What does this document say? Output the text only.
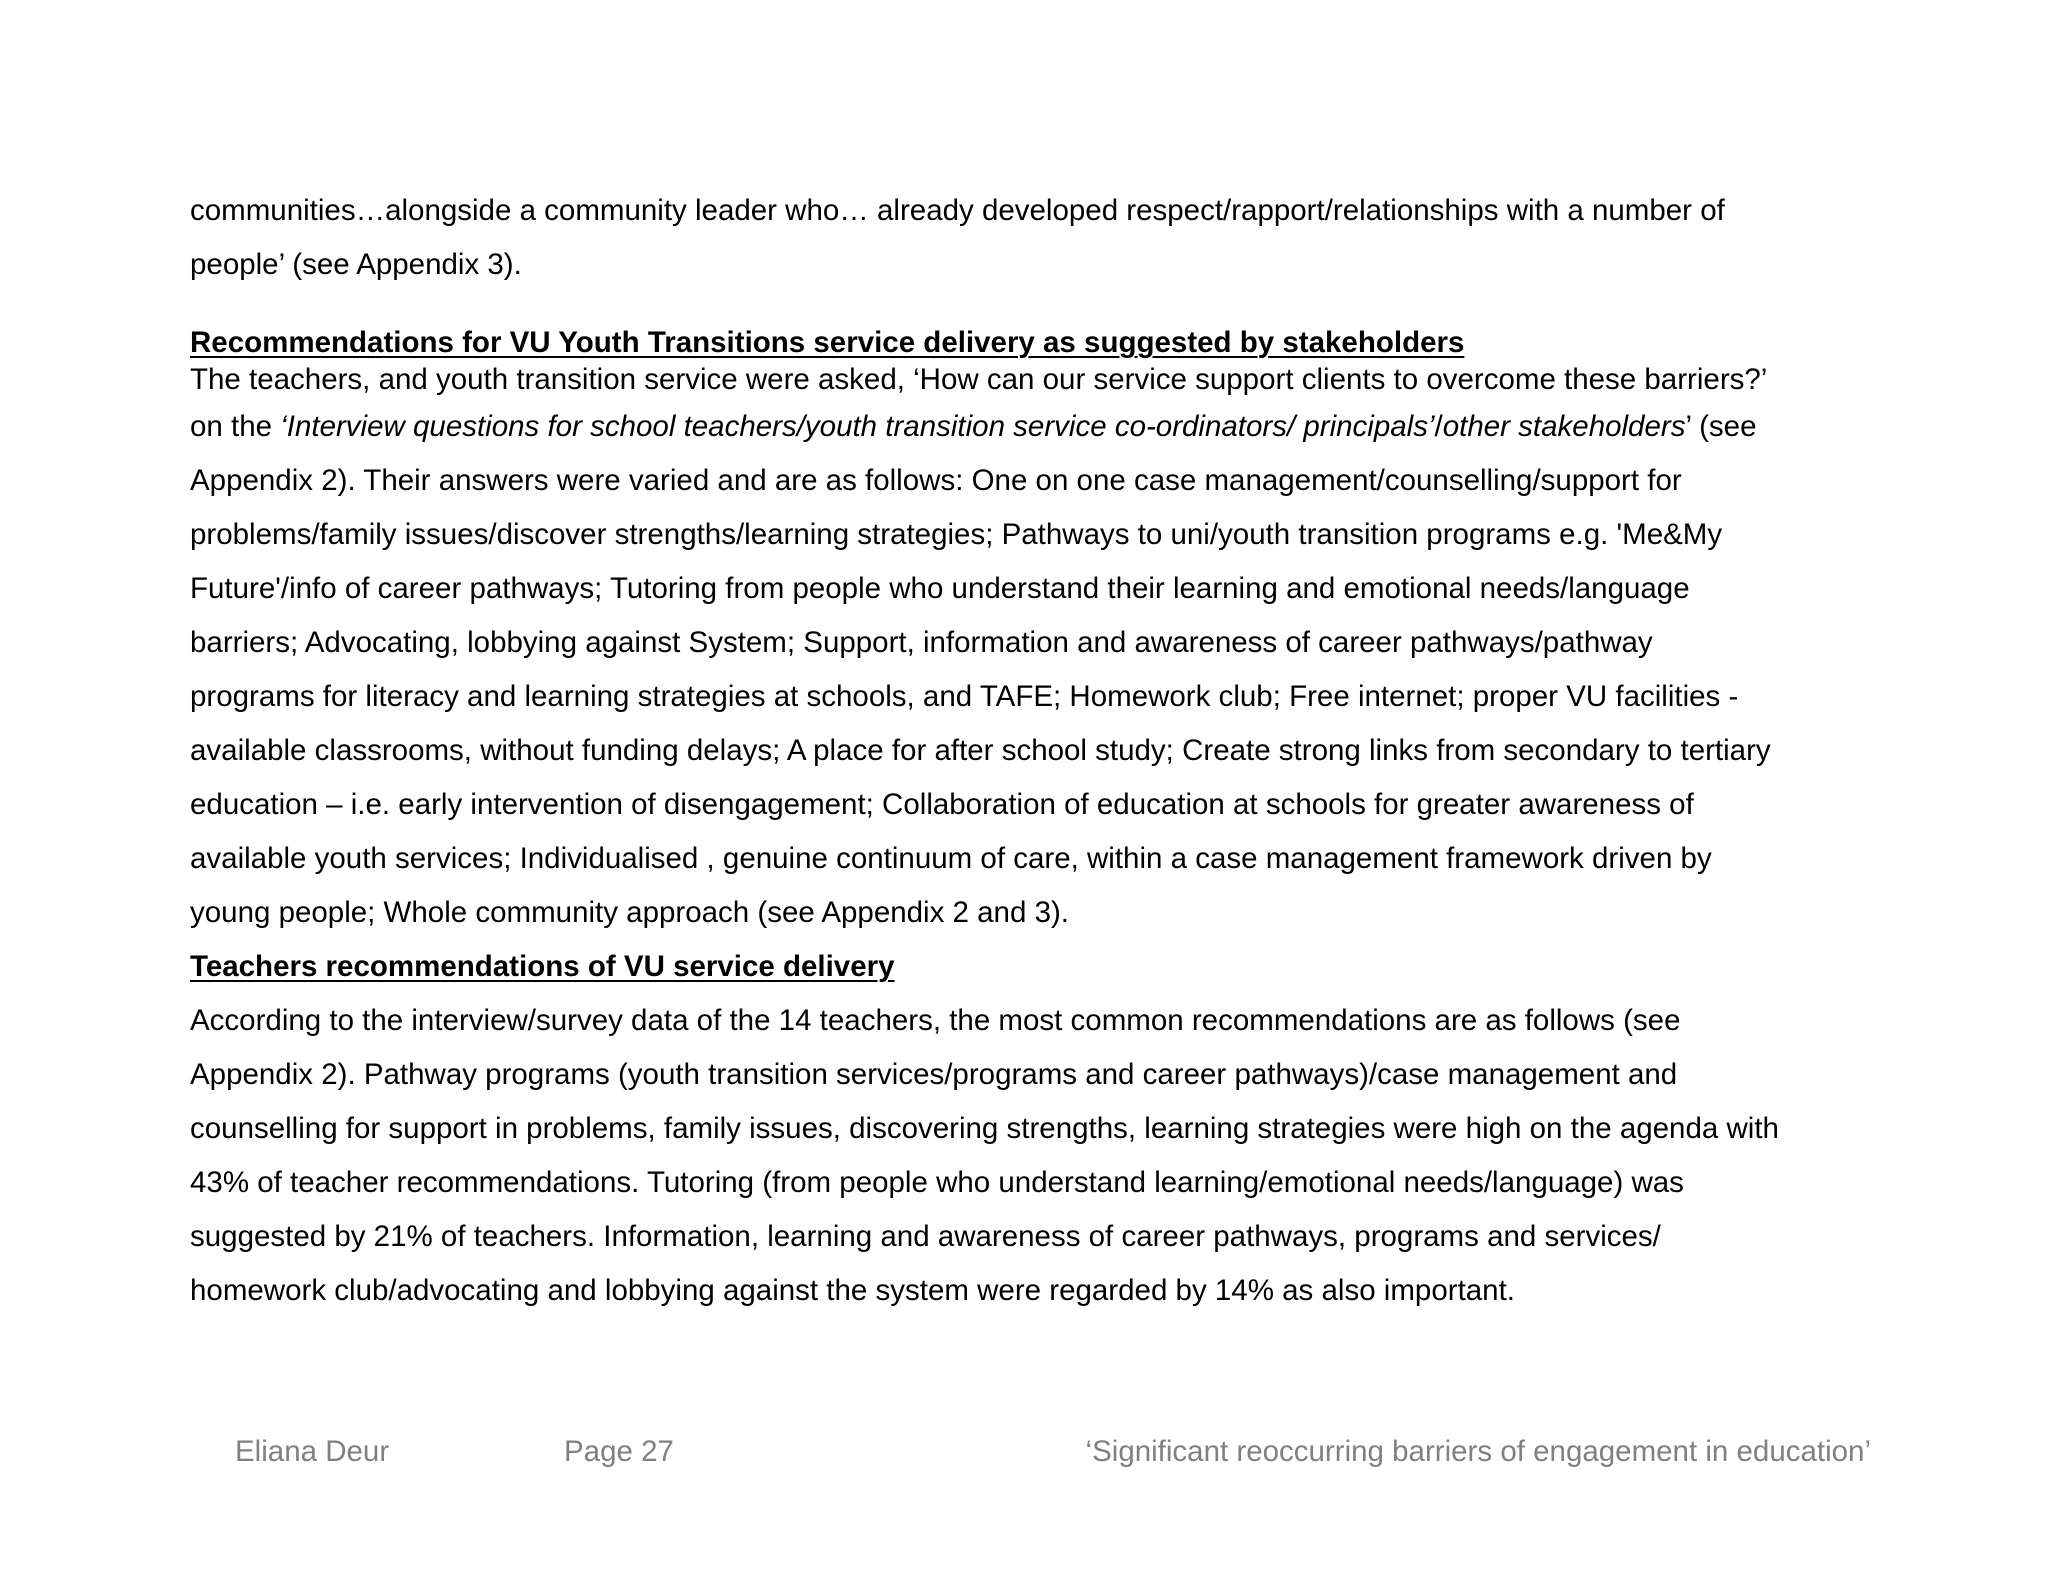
communities…alongside a community leader who… already developed respect/rapport/relationships with a number of
people’ (see Appendix 3).
Recommendations for VU Youth Transitions service delivery as suggested by stakeholders
The teachers, and youth transition service were asked, ‘How can our service support clients to overcome these barriers?’
on the ‘Interview questions for school teachers/youth transition service co-ordinators/ principals’/other stakeholders’ (see
Appendix 2). Their answers were varied and are as follows: One on one case management/counselling/support for
problems/family issues/discover strengths/learning strategies; Pathways to uni/youth transition programs e.g. 'Me&My
Future'/info of career pathways; Tutoring from people who understand their learning and emotional needs/language
barriers; Advocating, lobbying against System; Support, information and awareness of career pathways/pathway
programs for literacy and learning strategies at schools, and TAFE; Homework club; Free internet; proper VU facilities -
available classrooms, without funding delays; A place for after school study; Create strong links from secondary to tertiary
education – i.e. early intervention of disengagement; Collaboration of education at schools for greater awareness of
available youth services; Individualised , genuine continuum of care, within a case management framework driven by
young people; Whole community approach (see Appendix 2 and 3).
Teachers recommendations of VU service delivery
According to the interview/survey data of the 14 teachers, the most common recommendations are as follows (see
Appendix 2). Pathway programs (youth transition services/programs and career pathways)/case management and
counselling for support in problems, family issues, discovering strengths, learning strategies were high on the agenda with
43% of teacher recommendations. Tutoring (from people who understand learning/emotional needs/language) was
suggested by 21% of teachers. Information, learning and awareness of career pathways, programs and services/
homework club/advocating and lobbying against the system were regarded by 14% as also important.
Eliana Deur	Page 27	‘Significant reoccurring barriers of engagement in education’
